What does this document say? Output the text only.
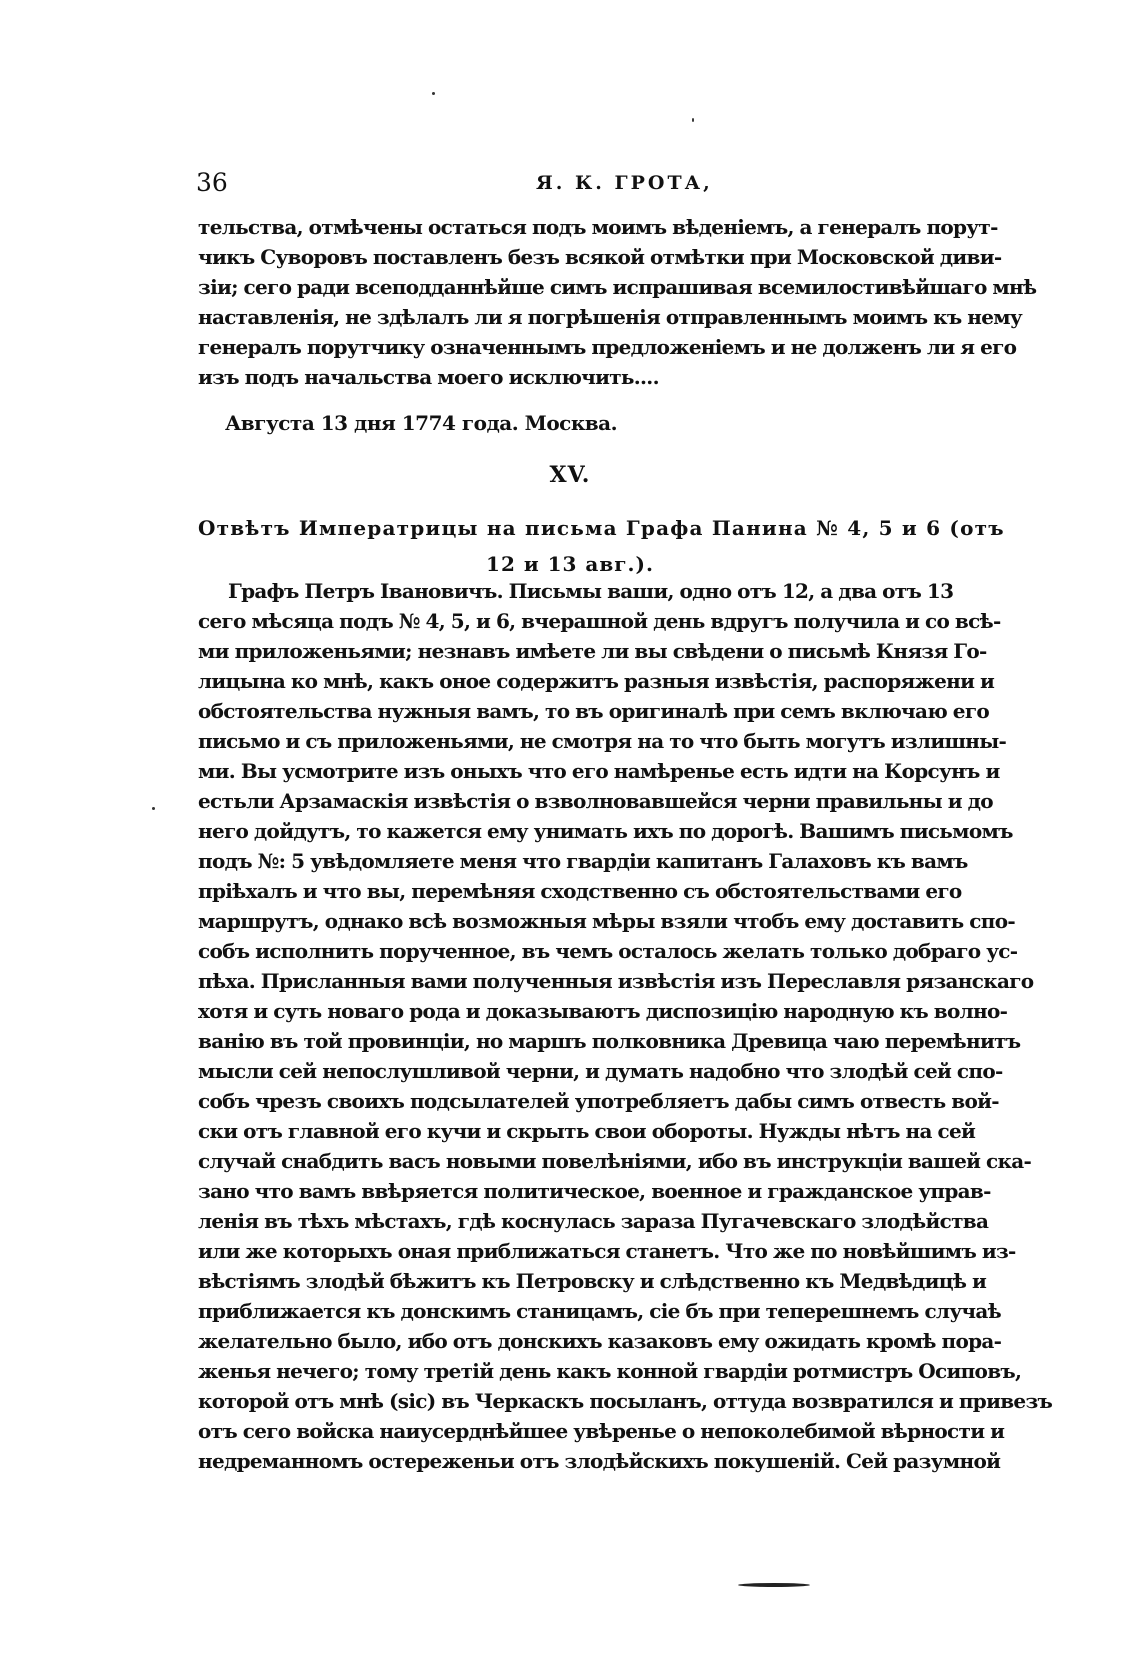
36	Я. К. ГРОТА,
тельства, отмѣчены остаться подъ моимъ вѣденіемъ, а генералъ порут-
чикъ Суворовъ поставленъ безъ всякой отмѣтки при Московской диви-
зіи; сего ради всеподданнѣйше симъ испрашивая всемилостивѣйшаго мнѣ
наставленія, не здѣлалъ ли я погрѣшенія отправленнымъ моимъ къ нему
генералъ порутчику означеннымъ предложеніемъ и не долженъ ли я его
изъ подъ начальства моего исключить....
Августа 13 дня 1774 года. Москва.
XV.
Отвѣтъ Императрицы на письма Графа Панина № 4, 5 и 6 (отъ
12 и 13 авг.).
Графъ Петръ Івановичъ. Письмы ваши, одно отъ 12, а два отъ 13
сего мѣсяца подъ № 4, 5, и 6, вчерашной день вдругъ получила и со всѣ-
ми приложеньями; незнавъ имѣете ли вы свѣдени о письмѣ Князя Го-
лицына ко мнѣ, какъ оное содержитъ разныя извѣстія, распоряжени и
обстоятельства нужныя вамъ, то въ оригиналѣ при семъ включаю его
письмо и съ приложеньями, не смотря на то что быть могутъ излишны-
ми. Вы усмотрите изъ оныхъ что его намѣренье есть идти на Корсунъ и
естьли Арзамаскія извѣстія о взволновавшейся черни правильны и до
него дойдутъ, то кажется ему унимать ихъ по дорогѣ. Вашимъ письмомъ
подъ №: 5 увѣдомляете меня что гвардіи капитанъ Галаховъ къ вамъ
пріѣхалъ и что вы, перемѣняя сходственно съ обстоятельствами его
маршрутъ, однако всѣ возможныя мѣры взяли чтобъ ему доставить спо-
собъ исполнить порученное, въ чемъ осталось желать только добраго ус-
пѣха. Присланныя вами полученныя извѣстія изъ Переславля рязанскаго
хотя и суть новаго рода и доказываютъ диспозицію народную къ волно-
ванію въ той провинціи, но маршъ полковника Древица чаю перемѣнитъ
мысли сей непослушливой черни, и думать надобно что злодѣй сей спо-
собъ чрезъ своихъ подсылателей употребляетъ дабы симъ отвесть вой-
ски отъ главной его кучи и скрыть свои обороты. Нужды нѣтъ на сей
случай снабдить васъ новыми повелѣніями, ибо въ инструкціи вашей ска-
зано что вамъ ввѣряется политическое, военное и гражданское управ-
ленія въ тѣхъ мѣстахъ, гдѣ коснулась зараза Пугачевскаго злодѣйства
или же которыхъ оная приближаться станетъ. Что же по новѣйшимъ из-
вѣстіямъ злодѣй бѣжитъ къ Петровску и слѣдственно къ Медвѣдицѣ и
приближается къ донскимъ станицамъ, сіе бъ при теперешнемъ случаѣ
желательно было, ибо отъ донскихъ казаковъ ему ожидать кромѣ пора-
женья нечего; тому третій день какъ конной гвардіи ротмистръ Осиповъ,
которой отъ мнѣ (sic) въ Черкаскъ посыланъ, оттуда возвратился и привезъ
отъ сего войска наиусерднѣйшее увѣренье о непоколебимой вѣрности и
недреманномъ остереженьи отъ злодѣйскихъ покушеній. Сей разумной
